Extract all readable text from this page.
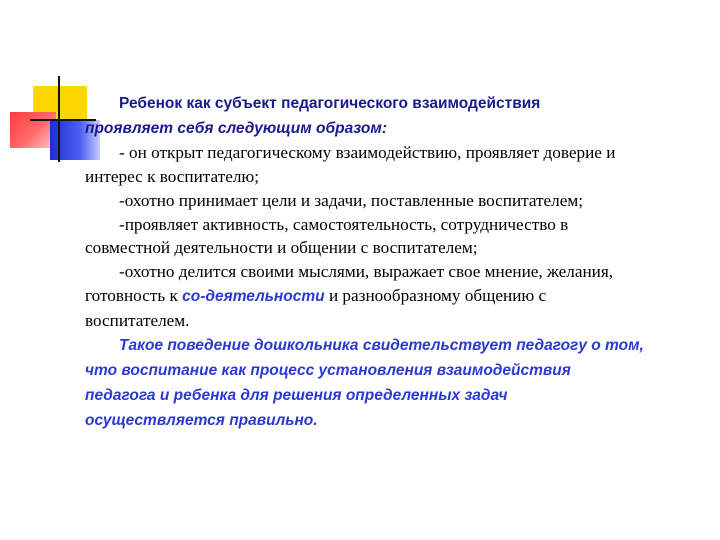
Ребенок как субъект педагогического взаимодействия
проявляет себя следующим образом:

- он открыт педагогическому взаимодействию, проявляет доверие и интерес к воспитателю;

-охотно принимает цели и задачи, поставленные воспитателем;

-проявляет активность, самостоятельность, сотрудничество в совместной деятельности и общении с воспитателем;

-охотно делится своими мыслями, выражает свое мнение, желания,

готовность к со-деятельности и разнообразному общению с воспитателем.

Такое поведение дошкольника свидетельствует педагогу о том, что воспитание как процесс установления взаимодействия педагога и ребенка для решения определенных задач осуществляется правильно.
